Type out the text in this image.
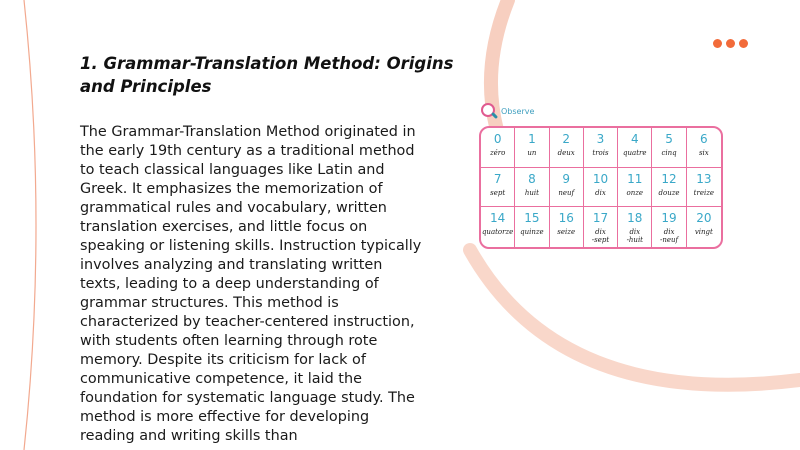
1. Grammar-Translation Method: Origins and Principles

The Grammar-Translation Method originated in the early 19th century as a traditional method to teach classical languages like Latin and Greek. It emphasizes the memorization of grammatical rules and vocabulary, written translation exercises, and little focus on speaking or listening skills. Instruction typically involves analyzing and translating written texts, leading to a deep understanding of grammar structures. This method is characterized by teacher-centered instruction, with students often learning through rote memory. Despite its criticism for lack of communicative competence, it laid the foundation for systematic language study. The method is more effective for developing reading and writing skills than

Observe
0
zéro
1
un
2
deux
3
trois
4
quatre
5
cinq
6
six
7
sept
8
huit
9
neuf
10
dix
11
onze
12
douze
13
treize
14
quatorze
15
quinze
16
seize
17
dix
-sept
18
dix
-huit
19
dix
-neuf
20
vingt
